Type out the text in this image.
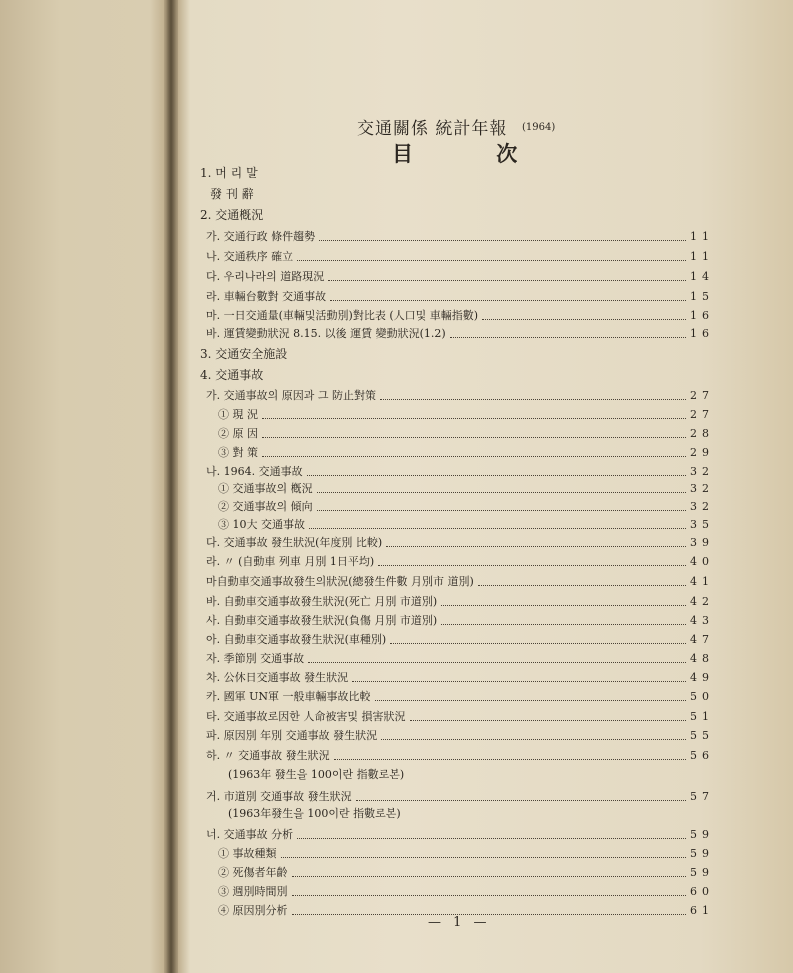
交通關係 統計年報 (1964)
目 次
1. 머 리 말
發 刊 辭
2. 交通槪況
가. 交通行政 條件趨勢	11
나. 交通秩序 確立	11
다. 우리나라의 道路現況	14
라. 車輛台數對 交通事故	15
마. 一日交通量(車輛및活動別)對比表 (人口및 車輛指數)	16
바. 運賃變動狀況 8.15. 以後 運賃 變動狀況(1.2)	16
3. 交通安全施設
4. 交通事故
가. 交通事故의 原因과 그 防止對策	27
① 現 況	27
② 原 因	28
③ 對 策	29
나. 1964. 交通事故	32
① 交通事故의 槪況	32
② 交通事故의 傾向	32
③ 10大 交通事故	35
다. 交通事故 發生狀況(年度別 比較)	39
라. 〃 (自動車 列車 月別 1日平均)	40
마自動車交通事故發生의狀況(總發生件數 月別市 道別)	41
바. 自動車交通事故發生狀況(死亡 月別 市道別)	42
사. 自動車交通事故發生狀況(負傷 月別 市道別)	43
아. 自動車交通事故發生狀況(車種別)	47
자. 季節別 交通事故	48
차. 公休日交通事故 發生狀況	49
카. 國軍 UN軍 一般車輛事故比較	50
타. 交通事故로因한 人命被害및 損害狀況	51
파. 原因別 年別 交通事故 發生狀況	55
하. 〃 交通事故 發生狀況	56
(1963年 發生을 100이란 指數로본)
거. 市道別 交通事故 發生狀況	57
(1963年發生을 100이란 指數로본)
너. 交通事故 分析	59
① 事故種類	59
② 死傷者年齡	59
③ 週別時間別	60
④ 原因別分析	61
— 1 —
